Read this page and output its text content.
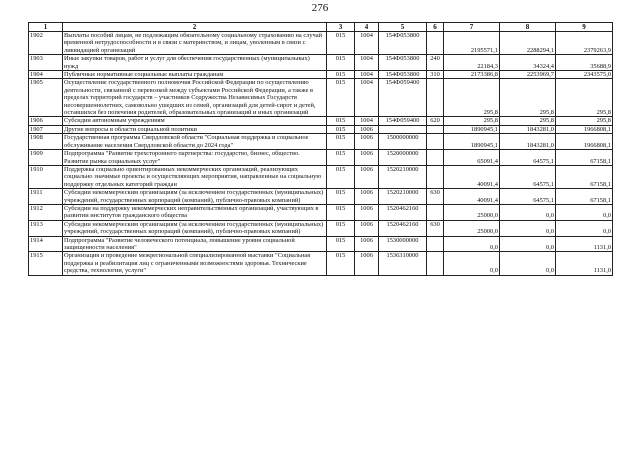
276
1	2	3	4	5	6	7	8	9
1902	Выплаты пособий лицам, не подлежащим обязательному социальному страхованию на случай временной нетрудоспособности и в связи с материнством, и лицам, уволенным в связи с ликвидацией организаций	015	1004	154Ф053800		2195571,1	2288294,1	2379263,9
1903	Иные закупки товаров, работ и услуг для обеспечения государственных (муниципальных) нужд	015	1004	154Ф053800	240	22184,3	34324,4	35688,9
1904	Публичные нормативные социальные выплаты гражданам	015	1004	154Ф053800	310	2173386,8	2253969,7	2343575,0
1905	Осуществление государственного полномочия Российской Федерации по осуществлению деятельности, связанной с перевозкой между субъектами Российской Федерации, а также в пределах территорий государств – участников Содружества Независимых Государств несовершеннолетних, самовольно ушедших из семей, организаций для детей-сирот и детей, оставшихся без попечения родителей, образовательных организаций и иных организаций	015	1004	154Ф059400		295,8	295,8	295,8
1906	Субсидии автономным учреждениям	015	1004	154Ф059400	620	295,8	295,8	295,8
1907	Другие вопросы в области социальной политики	015	1006			1890945,1	1843281,0	1966808,1
1908	Государственная программа Свердловской области "Социальная поддержка и социальное обслуживание населения Свердловской области до 2024 года"	015	1006	1500000000		1890945,1	1843281,0	1966808,1
1909	Подпрограмма "Развитие трехстороннего партнерства: государство, бизнес, общество. Развитие рынка социальных услуг"	015	1006	1520000000		65091,4	64575,1	67158,1
1910	Поддержка социально ориентированных некоммерческих организаций, реализующих социально значимые проекты и осуществляющих мероприятия, направленные на социальную поддержку отдельных категорий граждан	015	1006	1520210000		40091,4	64575,1	67158,1
1911	Субсидии некоммерческим организациям (за исключением государственных (муниципальных) учреждений, государственных корпораций (компаний), публично-правовых компаний)	015	1006	1520210000	630	40091,4	64575,1	67158,1
1912	Субсидии на поддержку некоммерческих неправительственных организаций, участвующих в развитии институтов гражданского общества	015	1006	1520462160		25000,0	0,0	0,0
1913	Субсидии некоммерческим организациям (за исключением государственных (муниципальных) учреждений, государственных корпораций (компаний), публично-правовых компаний)	015	1006	1520462160	630	25000,0	0,0	0,0
1914	Подпрограмма "Развитие человеческого потенциала, повышение уровня социальной защищенности населения"	015	1006	1530000000		0,0	0,0	1131,0
1915	Организация и проведение межрегиональной специализированной выставки "Социальная поддержка и реабилитация лиц с ограниченными возможностями здоровья. Технические средства, технологии, услуги"	015	1006	1536310000		0,0	0,0	1131,0
